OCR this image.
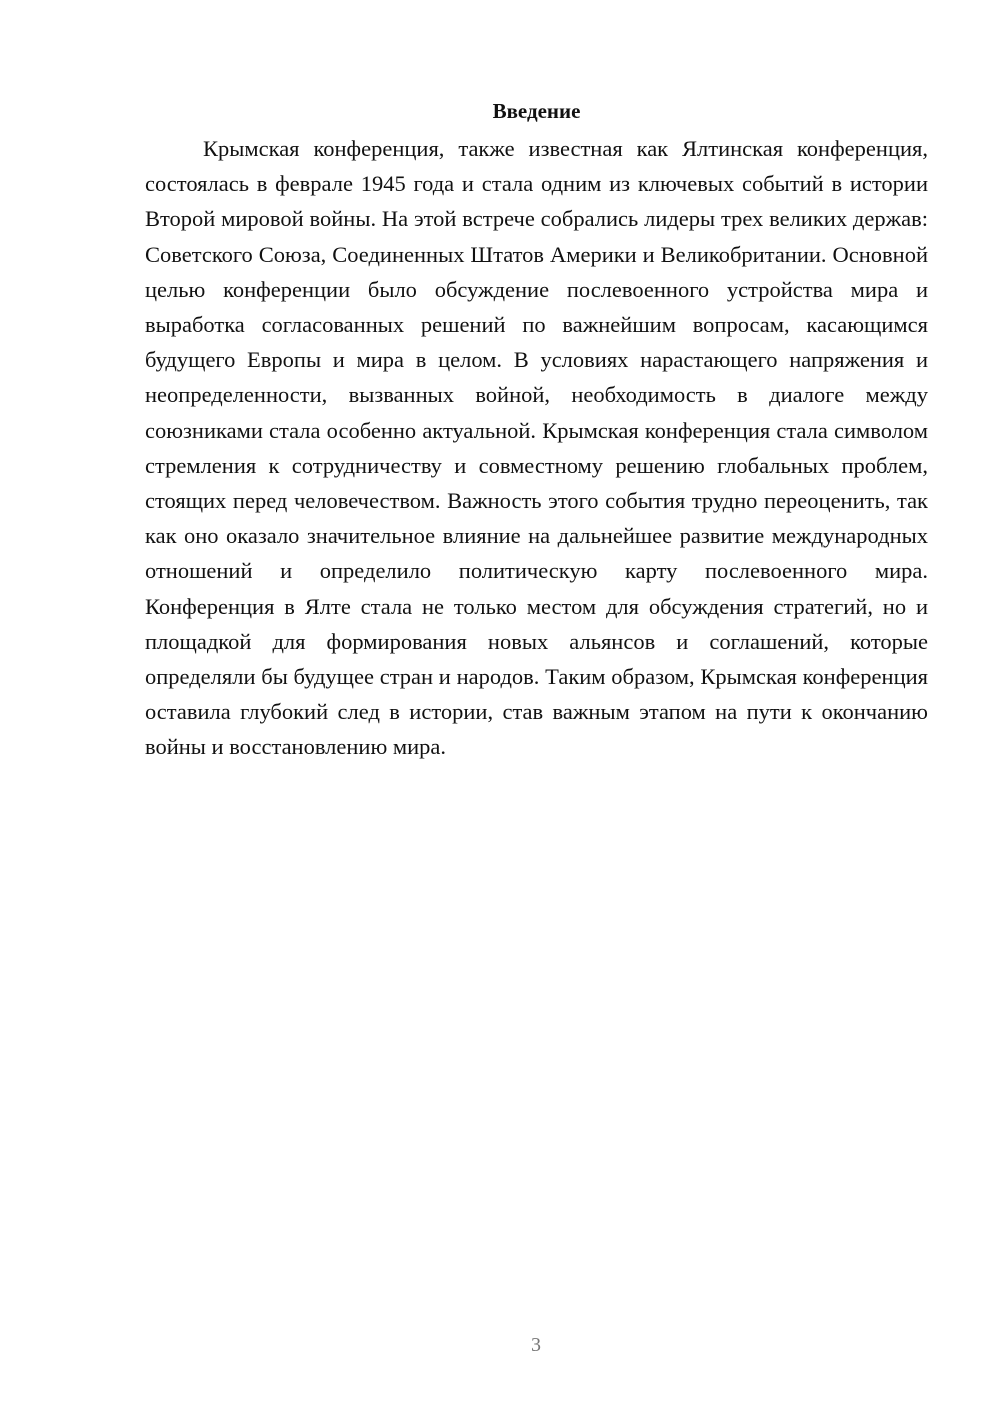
Введение

Крымская конференция, также известная как Ялтинская конференция, состоялась в феврале 1945 года и стала одним из ключевых событий в истории Второй мировой войны. На этой встрече собрались лидеры трех великих держав: Советского Союза, Соединенных Штатов Америки и Великобритании. Основной целью конференции было обсуждение послевоенного устройства мира и выработка согласованных решений по важнейшим вопросам, касающимся будущего Европы и мира в целом. В условиях нарастающего напряжения и неопределенности, вызванных войной, необходимость в диалоге между союзниками стала особенно актуальной. Крымская конференция стала символом стремления к сотрудничеству и совместному решению глобальных проблем, стоящих перед человечеством. Важность этого события трудно переоценить, так как оно оказало значительное влияние на дальнейшее развитие международных отношений и определило политическую карту послевоенного мира. Конференция в Ялте стала не только местом для обсуждения стратегий, но и площадкой для формирования новых альянсов и соглашений, которые определяли бы будущее стран и народов. Таким образом, Крымская конференция оставила глубокий след в истории, став важным этапом на пути к окончанию войны и восстановлению мира.

3
